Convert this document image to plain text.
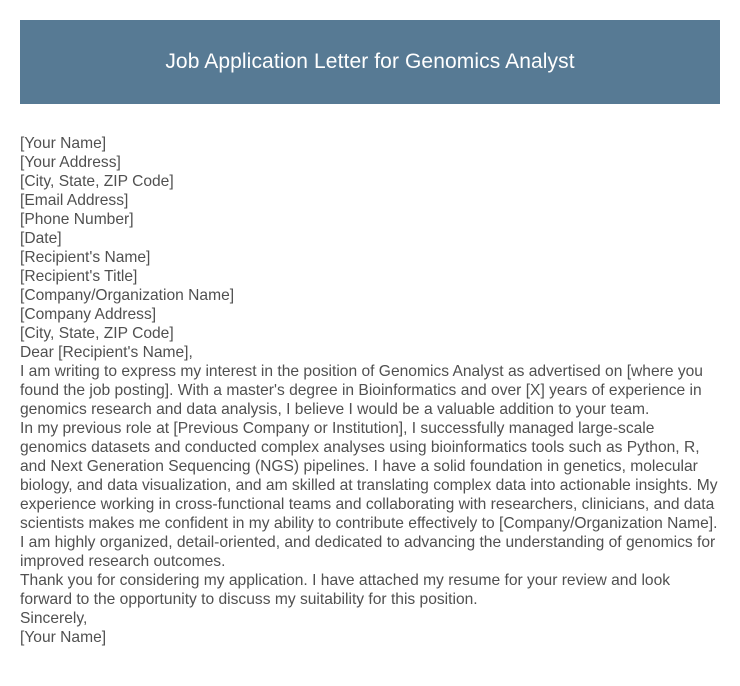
Job Application Letter for Genomics Analyst

[Your Name]

[Your Address]

[City, State, ZIP Code]

[Email Address]

[Phone Number]

[Date]

[Recipient's Name]

[Recipient's Title]

[Company/Organization Name]

[Company Address]

[City, State, ZIP Code]

Dear [Recipient's Name],

I am writing to express my interest in the position of Genomics Analyst as advertised on [where you found the job posting]. With a master's degree in Bioinformatics and over [X] years of experience in genomics research and data analysis, I believe I would be a valuable addition to your team.

In my previous role at [Previous Company or Institution], I successfully managed large-scale genomics datasets and conducted complex analyses using bioinformatics tools such as Python, R, and Next Generation Sequencing (NGS) pipelines. I have a solid foundation in genetics, molecular biology, and data visualization, and am skilled at translating complex data into actionable insights. My experience working in cross-functional teams and collaborating with researchers, clinicians, and data scientists makes me confident in my ability to contribute effectively to [Company/Organization Name]. I am highly organized, detail-oriented, and dedicated to advancing the understanding of genomics for improved research outcomes.

Thank you for considering my application. I have attached my resume for your review and look forward to the opportunity to discuss my suitability for this position.

Sincerely,

[Your Name]
